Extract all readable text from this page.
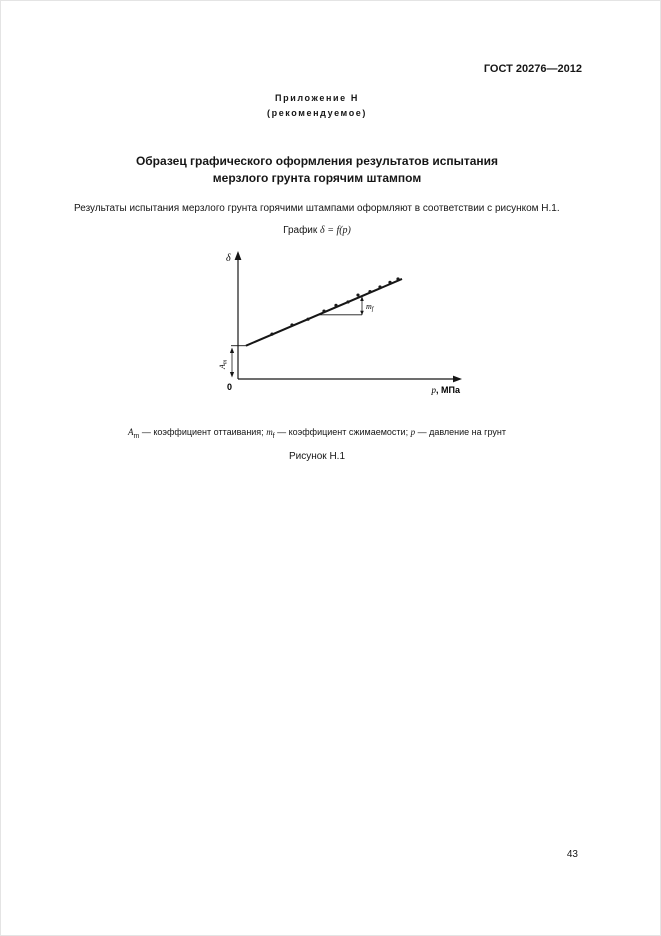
ГОСТ 20276—2012
Приложение Н
(рекомендуемое)
Образец графического оформления результатов испытания
мерзлого грунта горячим штампом
Результаты испытания мерзлого грунта горячими штампами оформляют в соответствии с рисунком Н.1.
График δ = f(p)
δ
p, МПа
0
Am
mf
$A_m$ — коэффициент оттаивания; $m_f$ — коэффициент сжимаемости; p — давление на грунт
Рисунок Н.1
43
